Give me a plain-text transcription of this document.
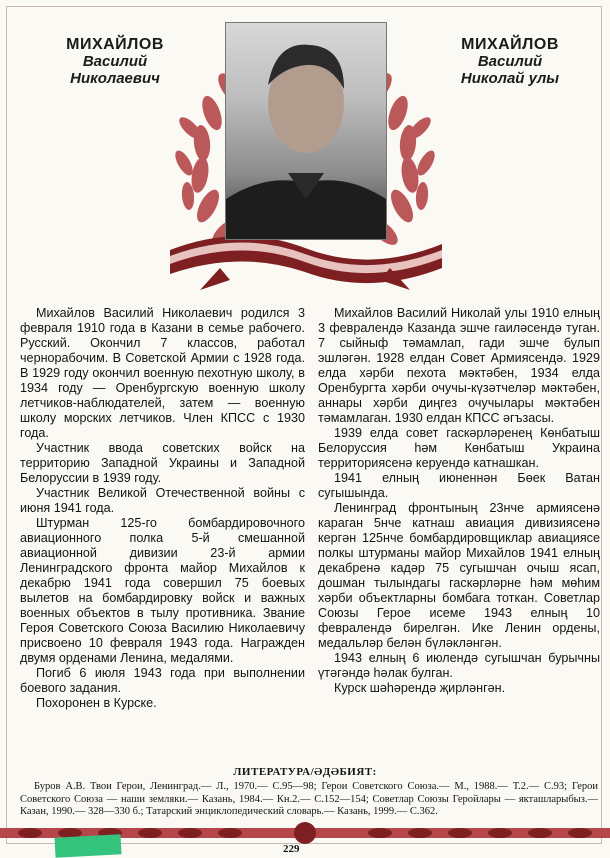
МИХАЙЛОВ
Василий
Николаевич
МИХАЙЛОВ
Василий
Николай улы

Михайлов Василий Николаевич родился 3 февраля 1910 года в Казани в семье рабочего. Русский. Окончил 7 классов, работал чернорабочим. В Советской Армии с 1928 года. В 1929 году окончил военную пехотную школу, в 1934 году — Оренбургскую военную школу летчиков-наблюдателей, затем — военную школу морских летчиков. Член КПСС с 1930 года.

Участник ввода советских войск на территорию Западной Украины и Западной Белоруссии в 1939 году.

Участник Великой Отечественной войны с июня 1941 года.

Штурман 125-го бомбардировочного авиационного полка 5-й смешанной авиационной дивизии 23-й армии Ленинградского фронта майор Михайлов к декабрю 1941 года совершил 75 боевых вылетов на бомбардировку войск и важных военных объектов в тылу противника. Звание Героя Советского Союза Василию Николаевичу присвоено 10 февраля 1943 года. Награжден двумя орденами Ленина, медалями.

Погиб 6 июля 1943 года при выполнении боевого задания.

Похоронен в Курске.

Михайлов Василий Николай улы 1910 елның 3 февралендә Казанда эшче гаиләсендә туган. 7 сыйныф тәмамлап, гади эшче булып эшләгән. 1928 елдан Совет Армиясендә. 1929 елда хәрби пехота мәктәбен, 1934 елда Оренбургта хәрби очучы-күзәтчеләр мәктәбен, аннары хәрби диңгез очучылары мәктәбен тәмамлаган. 1930 елдан КПСС әгъзасы.

1939 елда совет гаскәрләренең Көнбатыш Белоруссия һәм Көнбатыш Украина территориясенә керуендә катнашкан.

1941 елның июненнән Бөек Ватан сугышында.

Ленинград фронтының 23нче армиясенә караган 5нче катнаш авиация дивизиясенә кергән 125нче бомбардировщиклар авиациясе полкы штурманы майор Михайлов 1941 елның декабренә кадәр 75 сугышчан очыш ясап, дошман тылындагы гаскәрләрне һәм мөһим хәрби объектларны бомбага тоткан. Советлар Союзы Герое исеме 1943 елның 10 февралендә бирелгән. Ике Ленин ордены, медальләр белән бүләкләнгән.

1943 елның 6 июлендә сугышчан бурычны үтәгәндә һәлак булган.

Курск шәһәрендә җирләнгән.

ЛИТЕРАТУРА/ӘДӘБИЯТ:
Буров А.В. Твои Герои, Ленинград.— Л., 1970.— С.95—98; Герои Советского Союза.— М., 1988.— Т.2.— С.93; Герои Советского Союза — наши земляки.— Казань, 1984.— Кн.2.— С.152—154; Советлар Союзы Геройлары — якташларыбыз.— Казан, 1990.— 328—330 б.; Татарский энциклопедический словарь.— Казань, 1999.— С.362.
229
